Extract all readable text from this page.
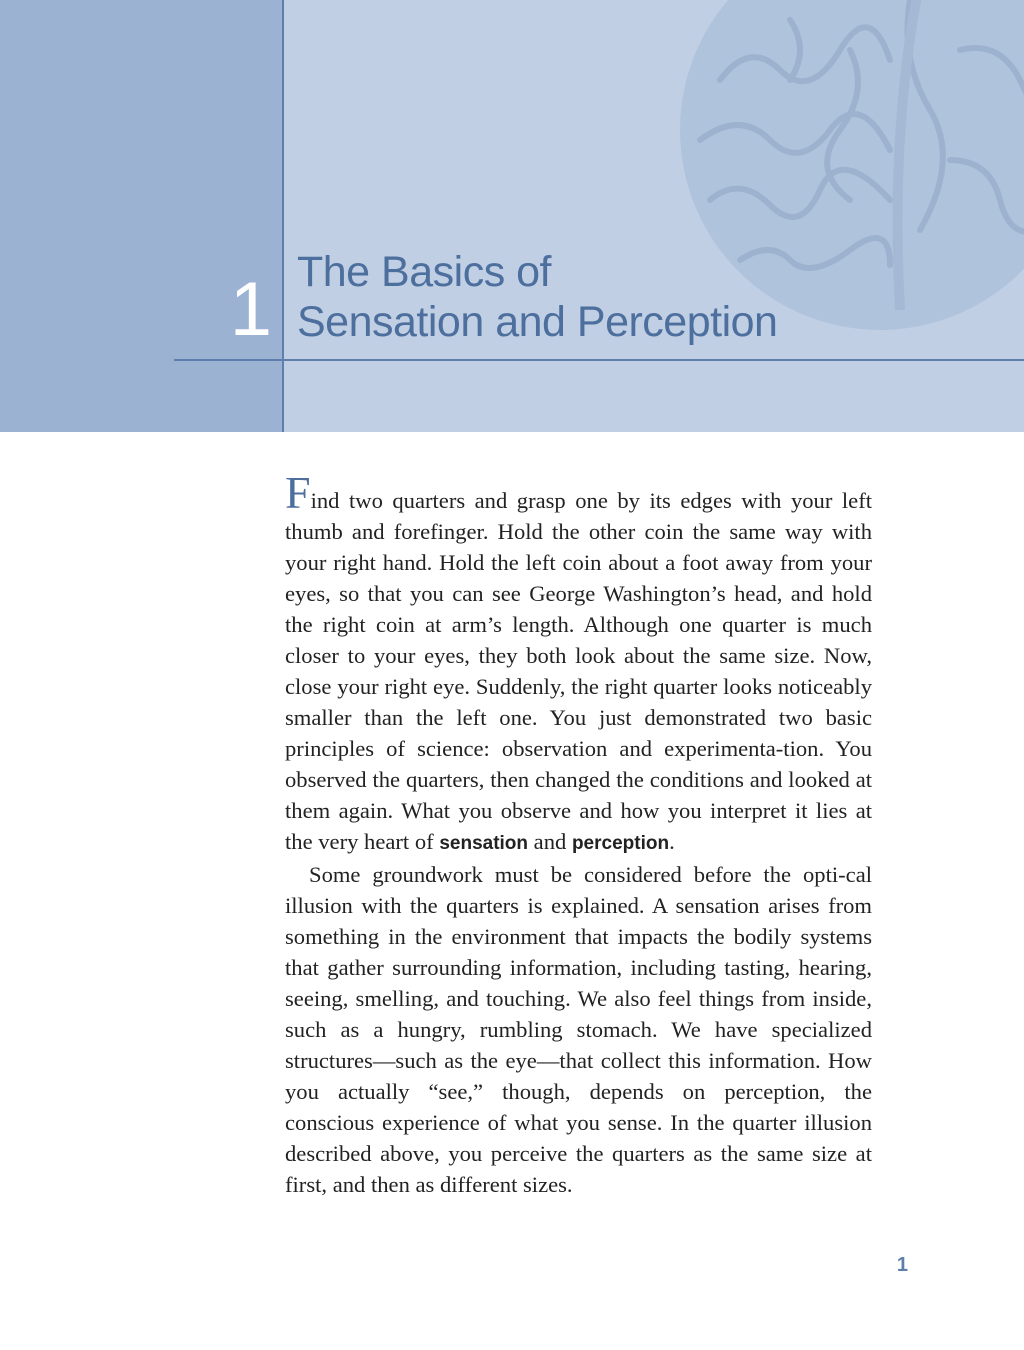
1 The Basics of
Sensation and Perception

Find two quarters and grasp one by its edges with your left thumb and forefinger. Hold the other coin the same way with your right hand. Hold the left coin about a foot away from your eyes, so that you can see George Washington’s head, and hold the right coin at arm’s length. Although one quarter is much closer to your eyes, they both look about the same size. Now, close your right eye. Suddenly, the right quarter looks noticeably smaller than the left one. You just demonstrated two basic principles of science: observation and experimenta-tion. You observed the quarters, then changed the conditions and looked at them again. What you observe and how you interpret it lies at the very heart of sensation and perception.

Some groundwork must be considered before the opti-cal illusion with the quarters is explained. A sensation arises from something in the environment that impacts the bodily systems that gather surrounding information, including tasting, hearing, seeing, smelling, and touching. We also feel things from inside, such as a hungry, rumbling stomach. We have specialized structures—such as the eye—that collect this information. How you actually “see,” though, depends on perception, the conscious experience of what you sense. In the quarter illusion described above, you perceive the quarters as the same size at first, and then as different sizes.

1
